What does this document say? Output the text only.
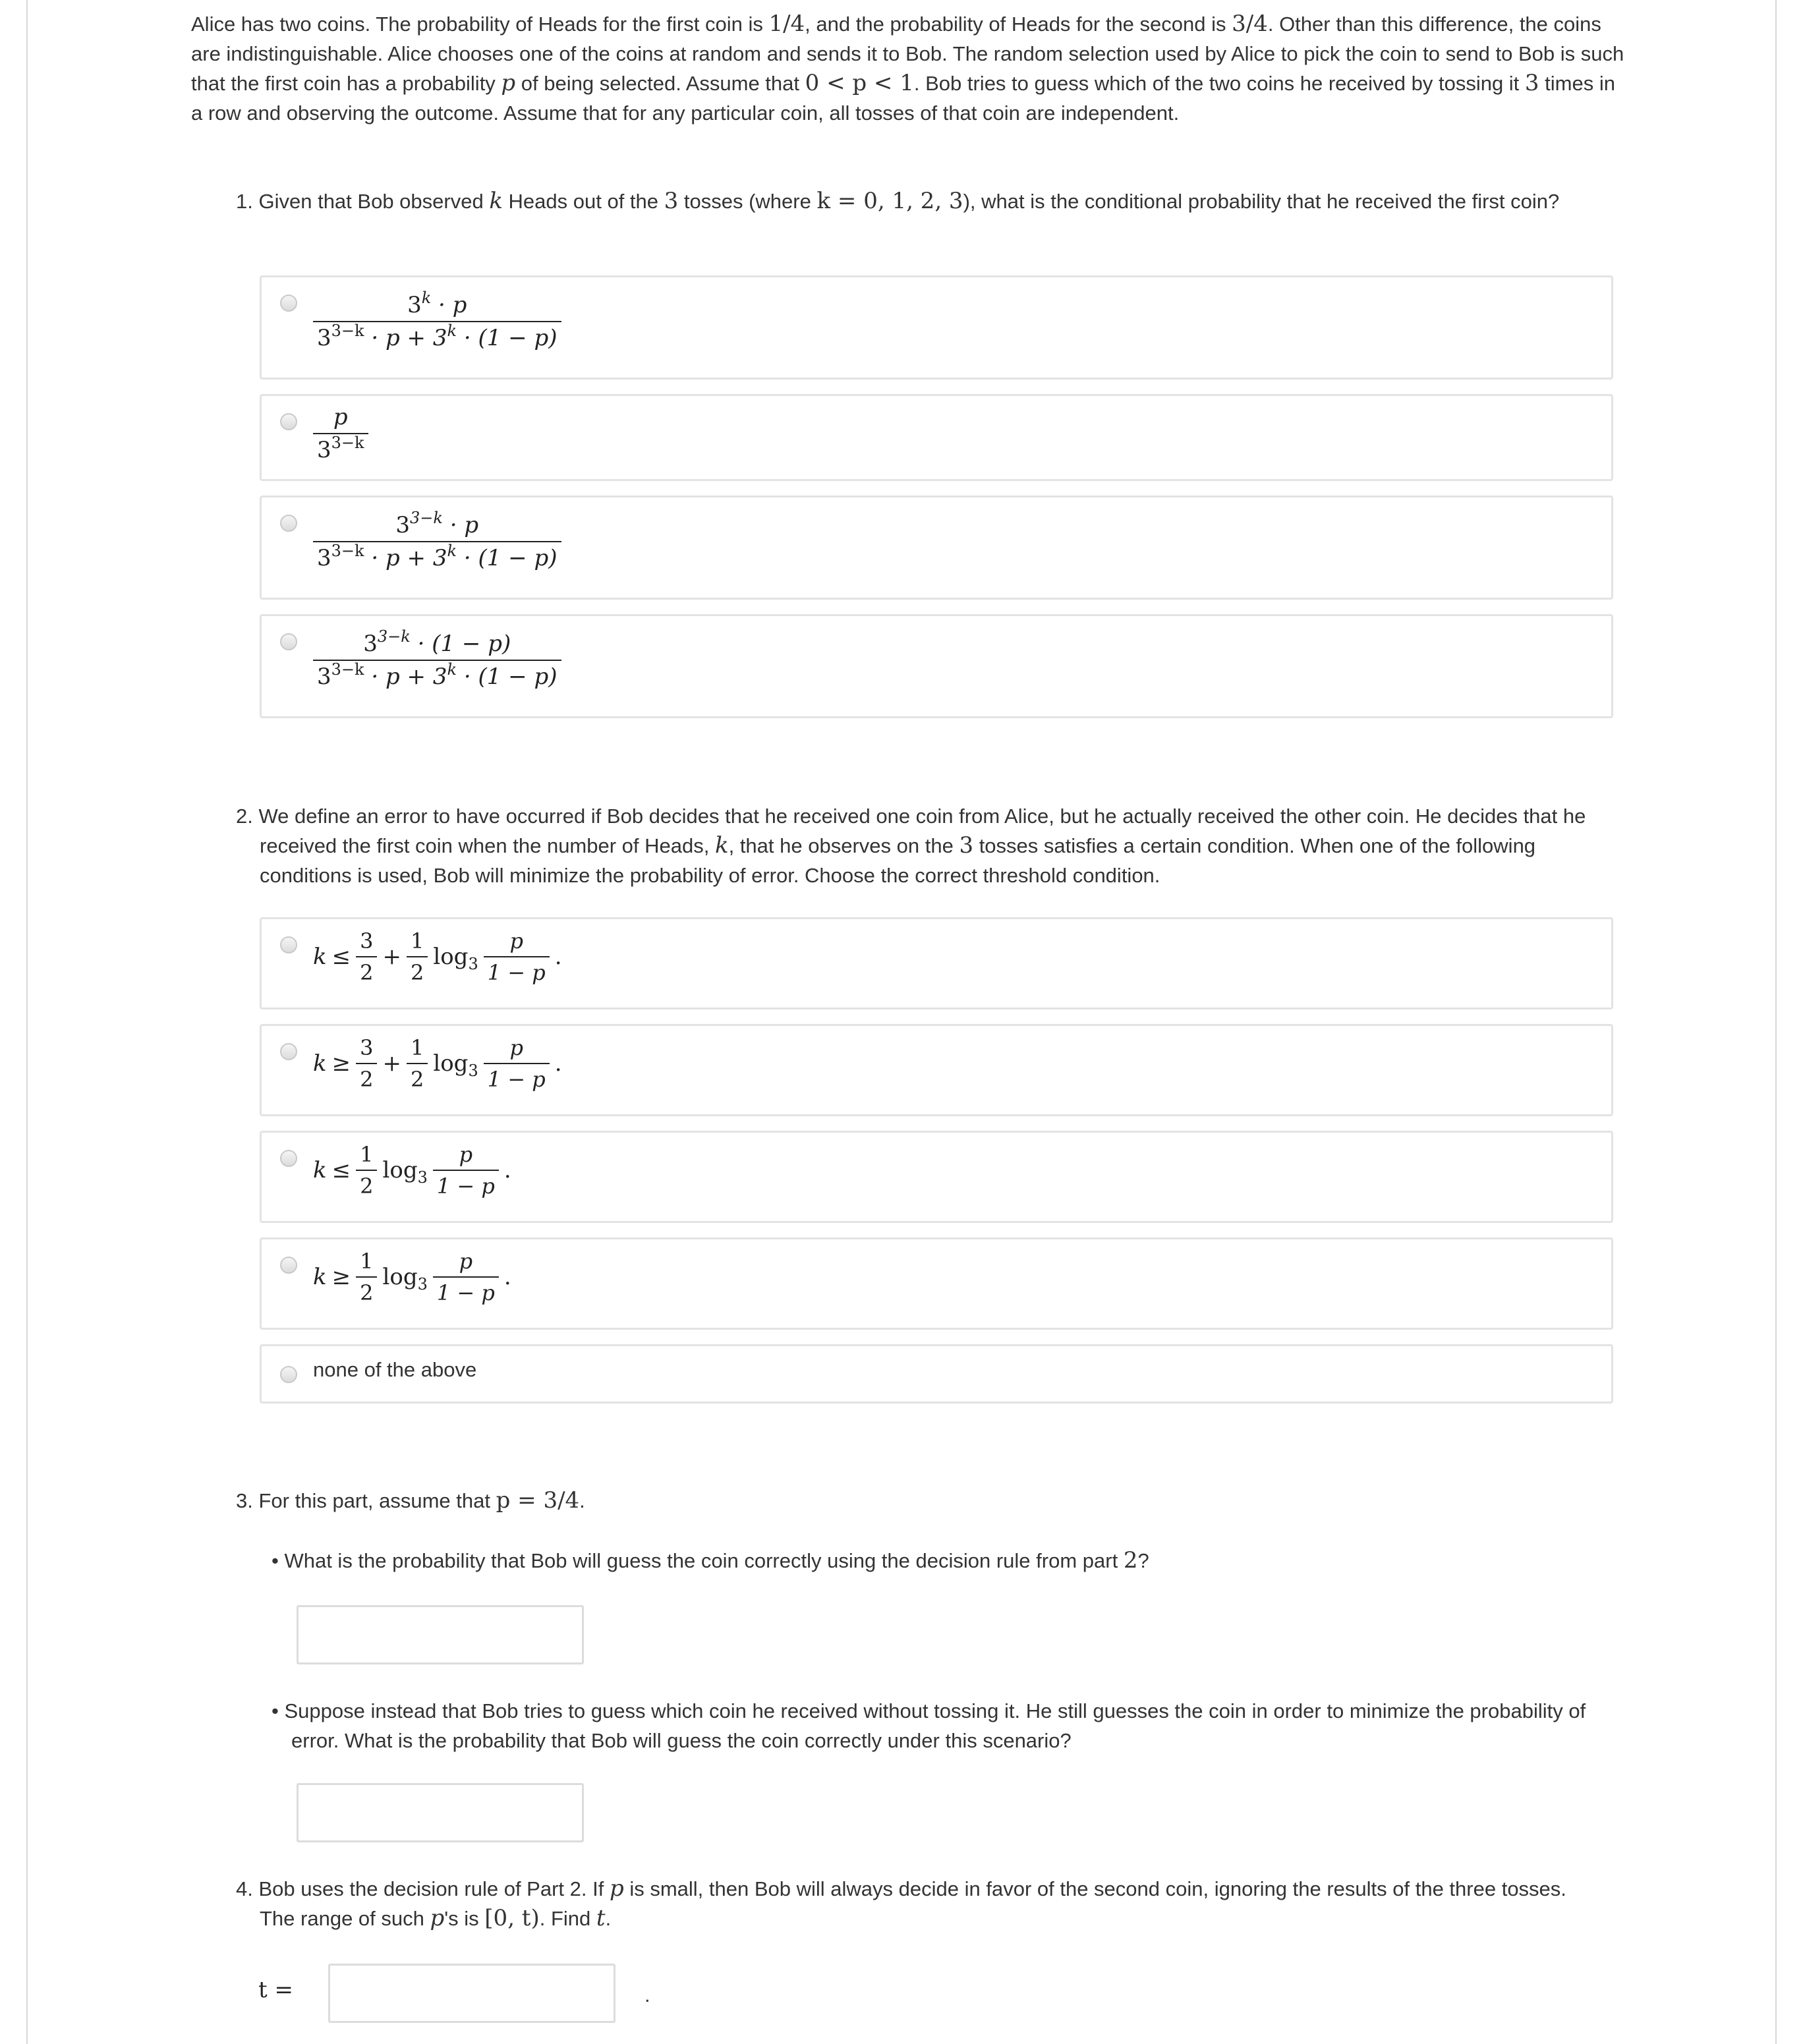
Alice has two coins. The probability of Heads for the first coin is 1/4, and the probability of Heads for the second is 3/4. Other than this difference, the coins are indistinguishable. Alice chooses one of the coins at random and sends it to Bob. The random selection used by Alice to pick the coin to send to Bob is such that the first coin has a probability p of being selected. Assume that 0 < p < 1. Bob tries to guess which of the two coins he received by tossing it 3 times in a row and observing the outcome. Assume that for any particular coin, all tosses of that coin are independent.

1. Given that Bob observed k Heads out of the 3 tosses (where k = 0, 1, 2, 3), what is the conditional probability that he received the first coin?

$\frac{3^k \cdot p}{3^{3-k} \cdot p + 3^k \cdot (1 - p)}$
$\frac{p}{3^{3-k}}$
$\frac{3^{3-k} \cdot p}{3^{3-k} \cdot p + 3^k \cdot (1 - p)}$
$\frac{3^{3-k} \cdot (1 - p)}{3^{3-k} \cdot p + 3^k \cdot (1 - p)}$

2. We define an error to have occurred if Bob decides that he received one coin from Alice, but he actually received the other coin. He decides that he received the first coin when the number of Heads, k, that he observes on the 3 tosses satisfies a certain condition. When one of the following conditions is used, Bob will minimize the probability of error. Choose the correct threshold condition.

$k \le \frac{3}{2} + \frac{1}{2} \log_3 \frac{p}{1 - p}$ .
$k \ge \frac{3}{2} + \frac{1}{2} \log_3 \frac{p}{1 - p}$ .
$k \le \frac{1}{2} \log_3 \frac{p}{1 - p}$ .
$k \ge \frac{1}{2} \log_3 \frac{p}{1 - p}$ .
none of the above

3. For this part, assume that p = 3/4.

• What is the probability that Bob will guess the coin correctly using the decision rule from part 2?

• Suppose instead that Bob tries to guess which coin he received without tossing it. He still guesses the coin in order to minimize the probability of error. What is the probability that Bob will guess the coin correctly under this scenario?

4. Bob uses the decision rule of Part 2. If p is small, then Bob will always decide in favor of the second coin, ignoring the results of the three tosses. The range of such p's is [0, t). Find t.

t =	.
